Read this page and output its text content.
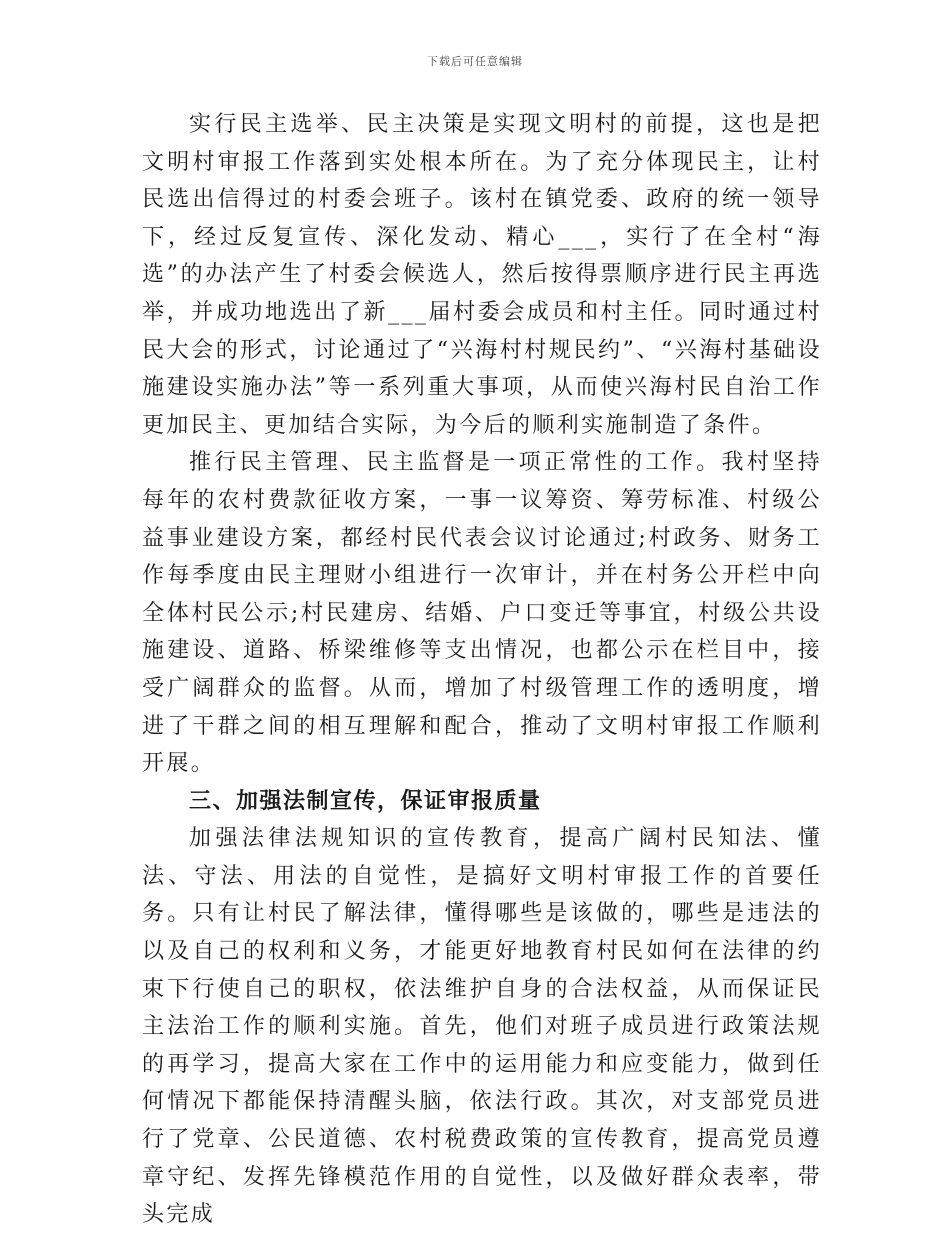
下载后可任意编辑

实行民主选举、民主决策是实现文明村的前提，这也是把文明村审报工作落到实处根本所在。为了充分体现民主，让村民选出信得过的村委会班子。该村在镇党委、政府的统一领导下，经过反复宣传、深化发动、精心___，实行了在全村“海选”的办法产生了村委会候选人，然后按得票顺序进行民主再选举，并成功地选出了新___届村委会成员和村主任。同时通过村民大会的形式，讨论通过了“兴海村村规民约”、“兴海村基础设施建设实施办法”等一系列重大事项，从而使兴海村民自治工作更加民主、更加结合实际，为今后的顺利实施制造了条件。

推行民主管理、民主监督是一项正常性的工作。我村坚持每年的农村费款征收方案，一事一议筹资、筹劳标准、村级公益事业建设方案，都经村民代表会议讨论通过;村政务、财务工作每季度由民主理财小组进行一次审计，并在村务公开栏中向全体村民公示;村民建房、结婚、户口变迁等事宜，村级公共设施建设、道路、桥梁维修等支出情况，也都公示在栏目中，接受广阔群众的监督。从而，增加了村级管理工作的透明度，增进了干群之间的相互理解和配合，推动了文明村审报工作顺利开展。

三、加强法制宣传，保证审报质量

加强法律法规知识的宣传教育，提高广阔村民知法、懂法、守法、用法的自觉性，是搞好文明村审报工作的首要任务。只有让村民了解法律，懂得哪些是该做的，哪些是违法的以及自己的权利和义务，才能更好地教育村民如何在法律的约束下行使自己的职权，依法维护自身的合法权益，从而保证民主法治工作的顺利实施。首先，他们对班子成员进行政策法规的再学习，提高大家在工作中的运用能力和应变能力，做到任何情况下都能保持清醒头脑，依法行政。其次，对支部党员进行了党章、公民道德、农村税费政策的宣传教育，提高党员遵章守纪、发挥先锋模范作用的自觉性，以及做好群众表率，带头完成
